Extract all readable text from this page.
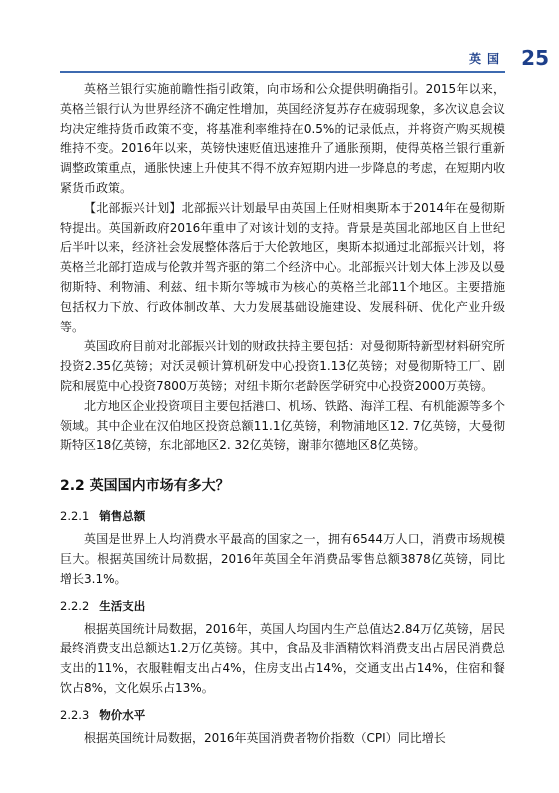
英国 25

英格兰银行实施前瞻性指引政策，向市场和公众提供明确指引。2015年以来，英格兰银行认为世界经济不确定性增加，英国经济复苏存在疲弱现象，多次议息会议均决定维持货币政策不变，将基准利率维持在0.5%的记录低点，并将资产购买规模维持不变。2016年以来，英镑快速贬值迅速推升了通胀预期，使得英格兰银行重新调整政策重点，通胀快速上升使其不得不放弃短期内进一步降息的考虑，在短期内收紧货币政策。

【北部振兴计划】北部振兴计划最早由英国上任财相奥斯本于2014年在曼彻斯特提出。英国新政府2016年重申了对该计划的支持。背景是英国北部地区自上世纪后半叶以来，经济社会发展整体落后于大伦敦地区，奥斯本拟通过北部振兴计划，将英格兰北部打造成与伦敦并驾齐驱的第二个经济中心。北部振兴计划大体上涉及以曼彻斯特、利物浦、利兹、纽卡斯尔等城市为核心的英格兰北部11个地区。主要措施包括权力下放、行政体制改革、大力发展基础设施建设、发展科研、优化产业升级等。

英国政府目前对北部振兴计划的财政扶持主要包括：对曼彻斯特新型材料研究所投资2.35亿英镑；对沃灵顿计算机研发中心投资1.13亿英镑；对曼彻斯特工厂、剧院和展览中心投资7800万英镑；对纽卡斯尔老龄医学研究中心投资2000万英镑。

北方地区企业投资项目主要包括港口、机场、铁路、海洋工程、有机能源等多个领域。其中企业在汉伯地区投资总额11.1亿英镑，利物浦地区12. 7亿英镑，大曼彻斯特区18亿英镑，东北部地区2. 32亿英镑，谢菲尔德地区8亿英镑。

2.2 英国国内市场有多大？
2.2.1 销售总额

英国是世界上人均消费水平最高的国家之一，拥有6544万人口，消费市场规模巨大。根据英国统计局数据，2016年英国全年消费品零售总额3878亿英镑，同比增长3.1%。

2.2.2 生活支出

根据英国统计局数据，2016年，英国人均国内生产总值达2.84万亿英镑，居民最终消费支出总额达1.2万亿英镑。其中，食品及非酒精饮料消费支出占居民消费总支出的11%，衣服鞋帽支出占4%，住房支出占14%，交通支出占14%，住宿和餐饮占8%，文化娱乐占13%。

2.2.3 物价水平

根据英国统计局数据，2016年英国消费者物价指数（CPI）同比增长
